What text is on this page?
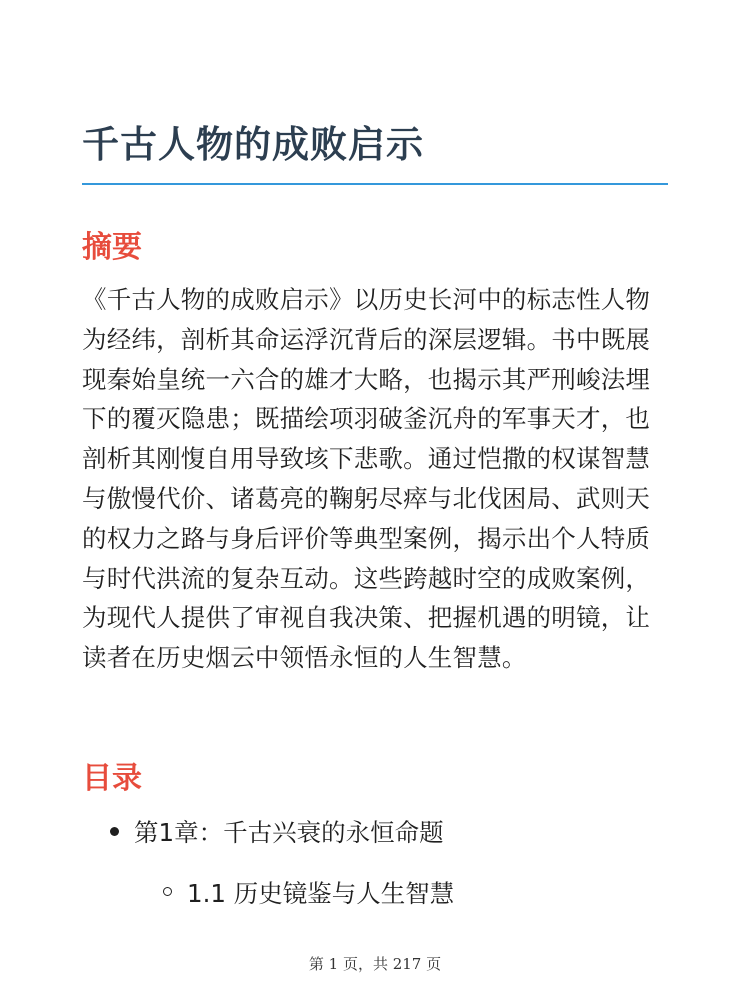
千古人物的成败启示
摘要

《千古人物的成败启示》以历史长河中的标志性人物为经纬，剖析其命运浮沉背后的深层逻辑。书中既展现秦始皇统一六合的雄才大略，也揭示其严刑峻法埋下的覆灭隐患；既描绘项羽破釜沉舟的军事天才，也剖析其刚愎自用导致垓下悲歌。通过恺撒的权谋智慧与傲慢代价、诸葛亮的鞠躬尽瘁与北伐困局、武则天的权力之路与身后评价等典型案例，揭示出个人特质与时代洪流的复杂互动。这些跨越时空的成败案例，为现代人提供了审视自我决策、把握机遇的明镜，让读者在历史烟云中领悟永恒的人生智慧。

目录
第1章：千古兴衰的永恒命题
1.1 历史镜鉴与人生智慧
第 1 页，共 217 页
